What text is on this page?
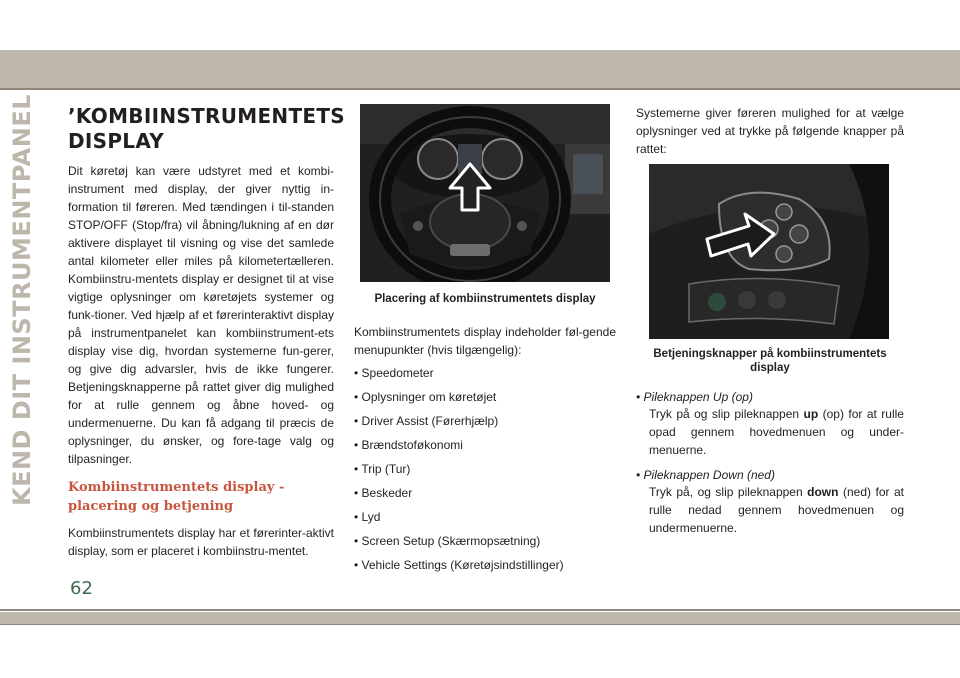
KEND DIT INSTRUMENTPANEL ’KOMBIINSTRUMENTETS
DISPLAY

Dit køretøj kan være udstyret med et kombi-instrument med display, der giver nyttig in-formation til føreren. Med tændingen i til-standen STOP/OFF (Stop/fra) vil åbning/lukning af en dør aktivere displayet til visning og vise det samlede antal kilometer eller miles på kilometertælleren. Kombiinstru-mentets display er designet til at vise vigtige oplysninger om køretøjets systemer og funk-tioner. Ved hjælp af et førerinteraktivt display på instrumentpanelet kan kombiinstrument-ets display vise dig, hvordan systemerne fun-gerer, og give dig advarsler, hvis de ikke fungerer. Betjeningsknapperne på rattet giver dig mulighed for at rulle gennem og åbne hoved- og undermenuerne. Du kan få adgang til præcis de oplysninger, du ønsker, og fore-tage valg og tilpasninger.

Kombiinstrumentets display - placering og betjening

Kombiinstrumentets display har et førerinter-aktivt display, som er placeret i kombiinstru-mentet.

Placering af kombiinstrumentets display

Kombiinstrumentets display indeholder føl-gende menupunkter (hvis tilgængelig):

• Speedometer
• Oplysninger om køretøjet
• Driver Assist (Førerhjælp)
• Brændstoføkonomi
• Trip (Tur)
• Beskeder
• Lyd
• Screen Setup (Skærmopsætning)
• Vehicle Settings (Køretøjsindstillinger)

Systemerne giver føreren mulighed for at vælge oplysninger ved at trykke på følgende knapper på rattet:

Betjeningsknapper på kombiinstrumentets display
• Pileknappen Up (op)
Tryk på og slip pileknappen up (op) for at rulle opad gennem hovedmenuen og under-menuerne.
• Pileknappen Down (ned)
Tryk på, og slip pileknappen down (ned) for at rulle nedad gennem hovedmenuen og undermenuerne.
62
